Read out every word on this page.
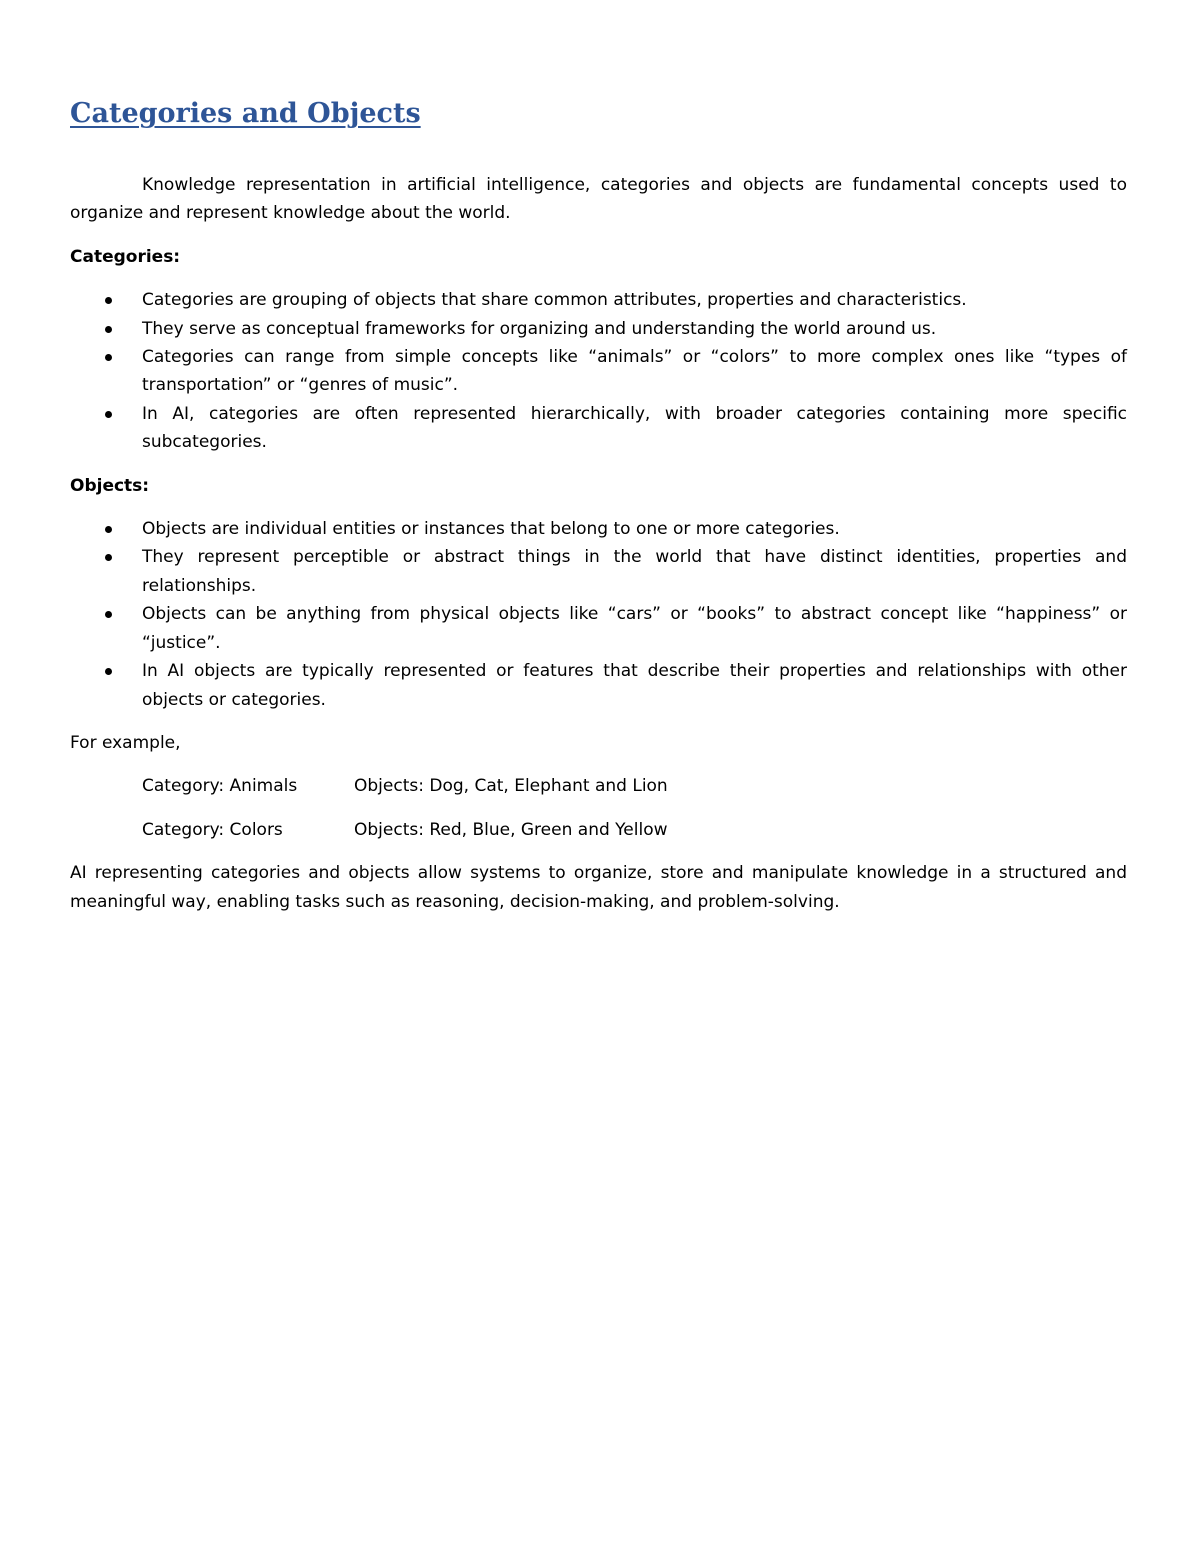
Categories and Objects

Knowledge representation in artificial intelligence, categories and objects are fundamental concepts used to organize and represent knowledge about the world.

Categories:
Categories are grouping of objects that share common attributes, properties and characteristics.
They serve as conceptual frameworks for organizing and understanding the world around us.
Categories can range from simple concepts like “animals” or “colors” to more complex ones like “types of transportation” or “genres of music”.
In AI, categories are often represented hierarchically, with broader categories containing more specific subcategories.
Objects:
Objects are individual entities or instances that belong to one or more categories.
They represent perceptible or abstract things in the world that have distinct identities, properties and relationships.
Objects can be anything from physical objects like “cars” or “books” to abstract concept like “happiness” or “justice”.
In AI objects are typically represented or features that describe their properties and relationships with other objects or categories.

For example,

Category: Animals	Objects: Dog, Cat, Elephant and Lion
Category: Colors	Objects: Red, Blue, Green and Yellow

AI representing categories and objects allow systems to organize, store and manipulate knowledge in a structured and meaningful way, enabling tasks such as reasoning, decision-making, and problem-solving.
